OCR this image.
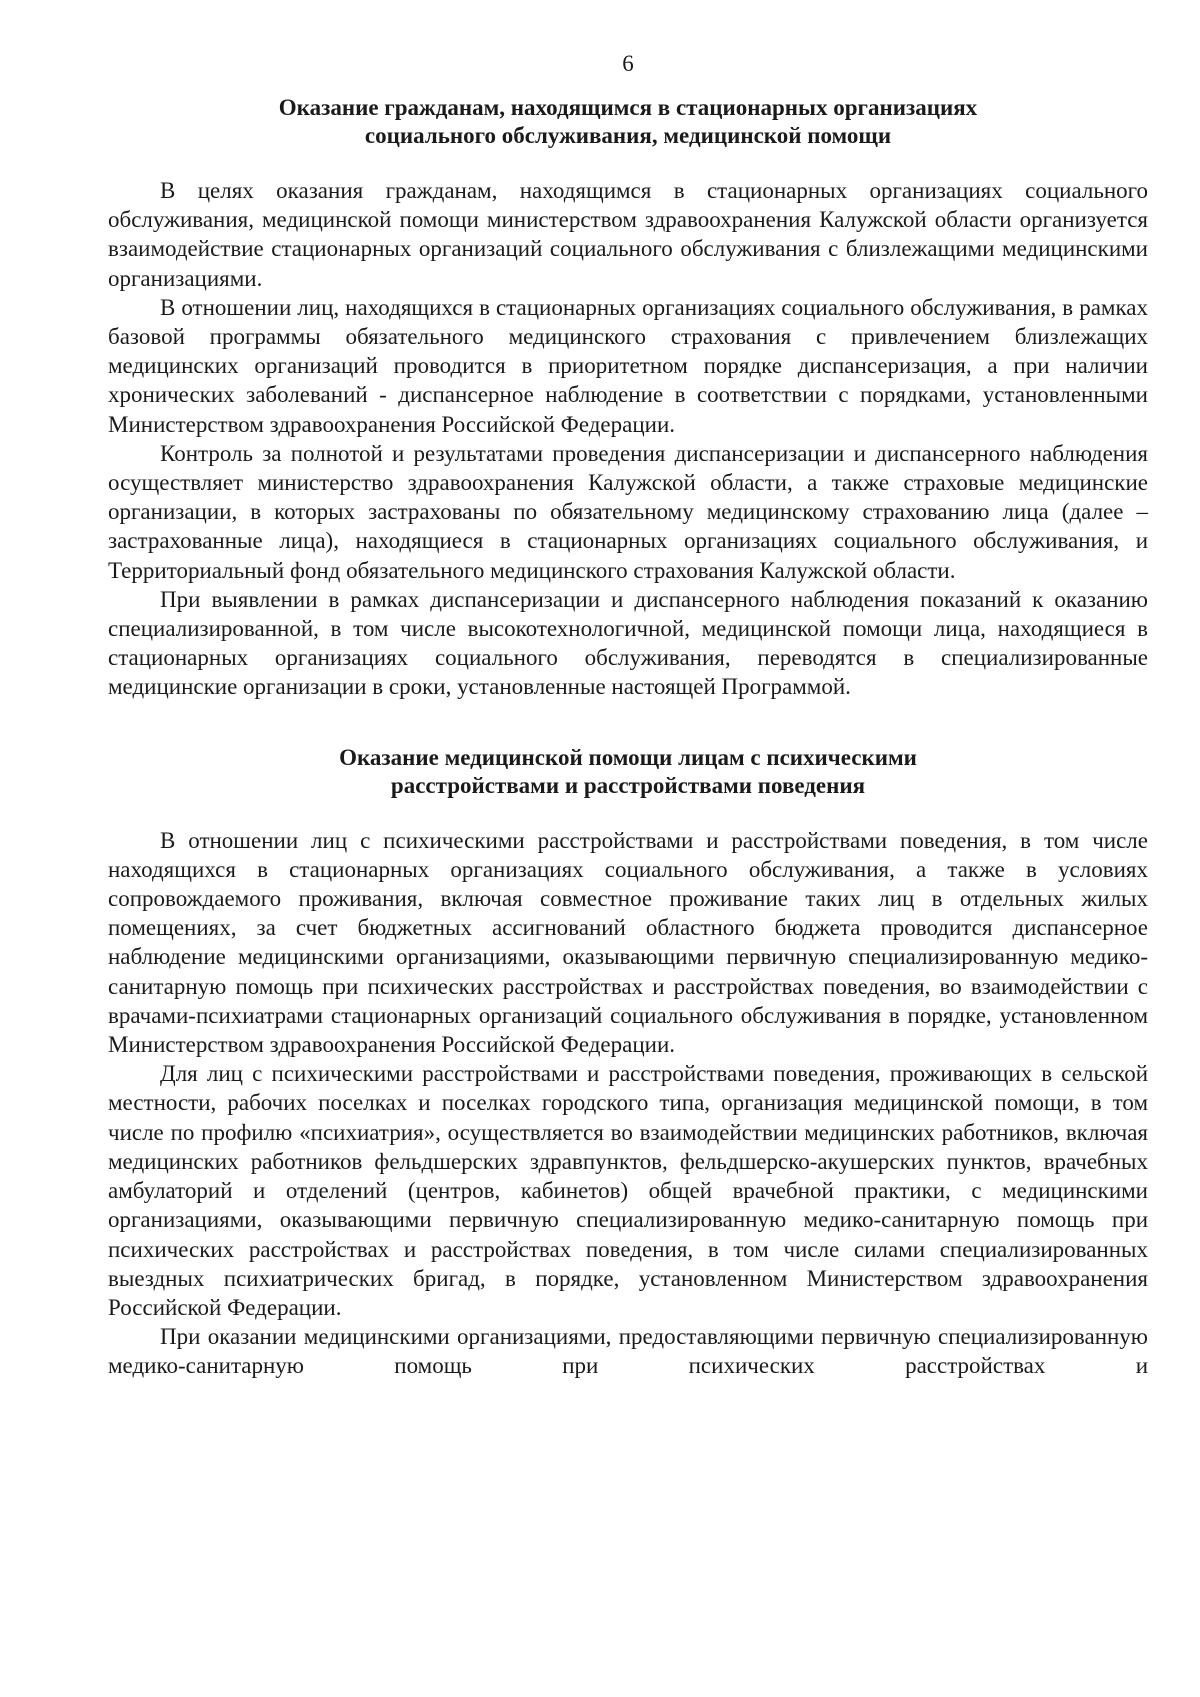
6
Оказание гражданам, находящимся в стационарных организациях
социального обслуживания, медицинской помощи

В целях оказания гражданам, находящимся в стационарных организациях социального обслуживания, медицинской помощи министерством здравоохранения Калужской области организуется взаимодействие стационарных организаций социального обслуживания с близлежащими медицинскими организациями.

В отношении лиц, находящихся в стационарных организациях социального обслуживания, в рамках базовой программы обязательного медицинского страхования с привлечением близлежащих медицинских организаций проводится в приоритетном порядке диспансеризация, а при наличии хронических заболеваний - диспансерное наблюдение в соответствии с порядками, установленными Министерством здравоохранения Российской Федерации.

Контроль за полнотой и результатами проведения диспансеризации и диспансерного наблюдения осуществляет министерство здравоохранения Калужской области, а также страховые медицинские организации, в которых застрахованы по обязательному медицинскому страхованию лица (далее – застрахованные лица), находящиеся в стационарных организациях социального обслуживания, и Территориальный фонд обязательного медицинского страхования Калужской области.

При выявлении в рамках диспансеризации и диспансерного наблюдения показаний к оказанию специализированной, в том числе высокотехнологичной, медицинской помощи лица, находящиеся в стационарных организациях социального обслуживания, переводятся в специализированные медицинские организации в сроки, установленные настоящей Программой.

Оказание медицинской помощи лицам с психическими
расстройствами и расстройствами поведения

В отношении лиц с психическими расстройствами и расстройствами поведения, в том числе находящихся в стационарных организациях социального обслуживания, а также в условиях сопровождаемого проживания, включая совместное проживание таких лиц в отдельных жилых помещениях, за счет бюджетных ассигнований областного бюджета проводится диспансерное наблюдение медицинскими организациями, оказывающими первичную специализированную медико-санитарную помощь при психических расстройствах и расстройствах поведения, во взаимодействии с врачами-психиатрами стационарных организаций социального обслуживания в порядке, установленном Министерством здравоохранения Российской Федерации.

Для лиц с психическими расстройствами и расстройствами поведения, проживающих в сельской местности, рабочих поселках и поселках городского типа, организация медицинской помощи, в том числе по профилю «психиатрия», осуществляется во взаимодействии медицинских работников, включая медицинских работников фельдшерских здравпунктов, фельдшерско-акушерских пунктов, врачебных амбулаторий и отделений (центров, кабинетов) общей врачебной практики, с медицинскими организациями, оказывающими первичную специализированную медико-санитарную помощь при психических расстройствах и расстройствах поведения, в том числе силами специализированных выездных психиатрических бригад, в порядке, установленном Министерством здравоохранения Российской Федерации.

При оказании медицинскими организациями, предоставляющими первичную специализированную медико-санитарную помощь при психических расстройствах и
